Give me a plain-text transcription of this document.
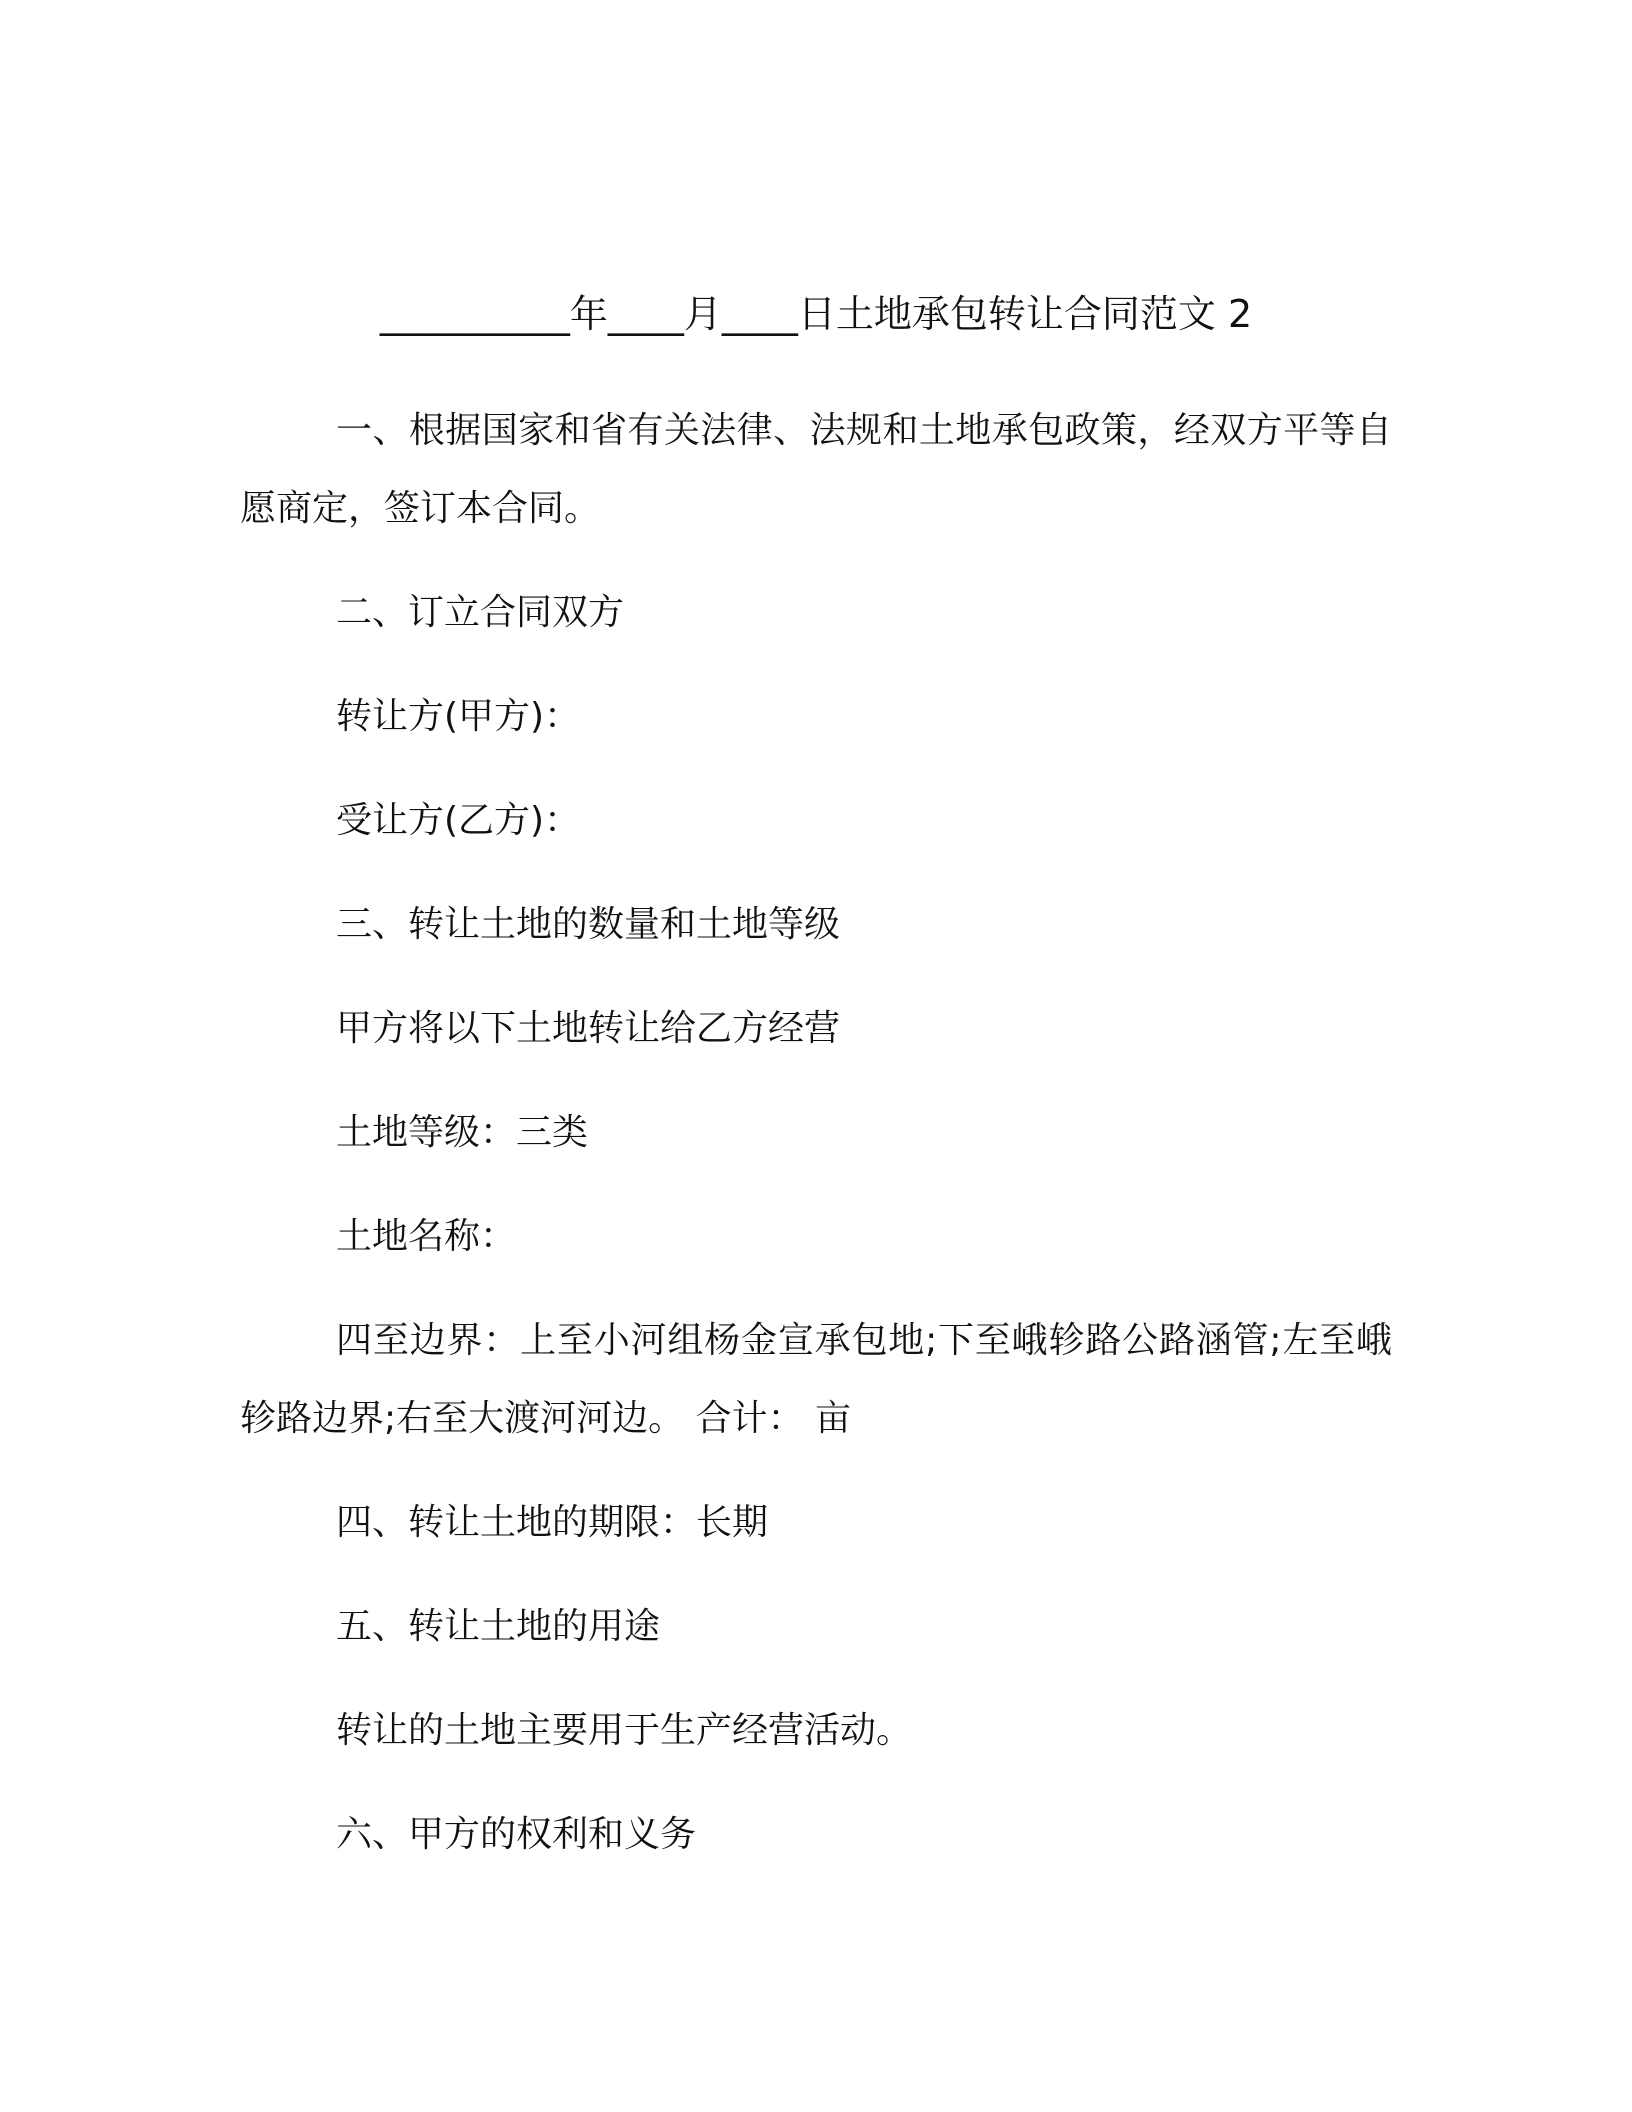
__________年____月____日土地承包转让合同范文 2

一、根据国家和省有关法律、法规和土地承包政策，经双方平等自愿商定，签订本合同。

二、订立合同双方

转让方(甲方)：

受让方(乙方)：

三、转让土地的数量和土地等级

甲方将以下土地转让给乙方经营

土地等级：三类

土地名称：

四至边界：上至小河组杨金宣承包地;下至峨轸路公路涵管;左至峨轸路边界;右至大渡河河边。 合计： 亩

四、转让土地的期限：长期

五、转让土地的用途

转让的土地主要用于生产经营活动。

六、甲方的权利和义务
